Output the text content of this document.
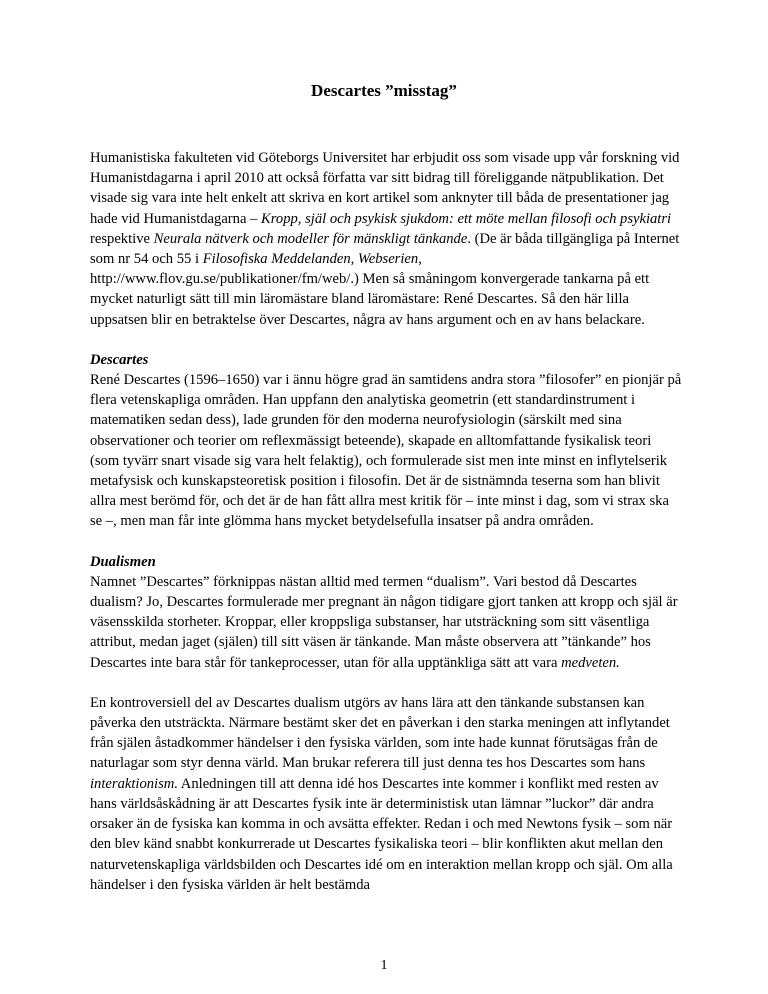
Descartes ”misstag”

Humanistiska fakulteten vid Göteborgs Universitet har erbjudit oss som visade upp vår forskning vid Humanistdagarna i april 2010 att också författa var sitt bidrag till föreliggande nätpublikation. Det visade sig vara inte helt enkelt att skriva en kort artikel som anknyter till båda de presentationer jag hade vid Humanistdagarna – Kropp, själ och psykisk sjukdom: ett möte mellan filosofi och psykiatri respektive Neurala nätverk och modeller för mänskligt tänkande. (De är båda tillgängliga på Internet som nr 54 och 55 i Filosofiska Meddelanden, Webserien, http://www.flov.gu.se/publikationer/fm/web/.) Men så småningom konvergerade tankarna på ett mycket naturligt sätt till min läromästare bland läromästare: René Descartes. Så den här lilla uppsatsen blir en betraktelse över Descartes, några av hans argument och en av hans belackare.

Descartes
René Descartes (1596–1650) var i ännu högre grad än samtidens andra stora ”filosofer” en pionjär på flera vetenskapliga områden. Han uppfann den analytiska geometrin (ett standardinstrument i matematiken sedan dess), lade grunden för den moderna neurofysiologin (särskilt med sina observationer och teorier om reflexmässigt beteende), skapade en alltomfattande fysikalisk teori (som tyvärr snart visade sig vara helt felaktig), och formulerade sist men inte minst en inflytelserik metafysisk och kunskapsteoretisk position i filosofin. Det är de sistnämnda teserna som han blivit allra mest berömd för, och det är de han fått allra mest kritik för – inte minst i dag, som vi strax ska se –, men man får inte glömma hans mycket betydelsefulla insatser på andra områden.

Dualismen
Namnet ”Descartes” förknippas nästan alltid med termen “dualism”. Vari bestod då Descartes dualism? Jo, Descartes formulerade mer pregnant än någon tidigare gjort tanken att kropp och själ är väsensskilda storheter. Kroppar, eller kroppsliga substanser, har utsträckning som sitt väsentliga attribut, medan jaget (själen) till sitt väsen är tänkande. Man måste observera att ”tänkande” hos Descartes inte bara står för tankeprocesser, utan för alla upptänkliga sätt att vara medveten.

En kontroversiell del av Descartes dualism utgörs av hans lära att den tänkande substansen kan påverka den utsträckta. Närmare bestämt sker det en påverkan i den starka meningen att inflytandet från själen åstadkommer händelser i den fysiska världen, som inte hade kunnat förutsägas från de naturlagar som styr denna värld. Man brukar referera till just denna tes hos Descartes som hans interaktionism. Anledningen till att denna idé hos Descartes inte kommer i konflikt med resten av hans världsåskådning är att Descartes fysik inte är deterministisk utan lämnar ”luckor” där andra orsaker än de fysiska kan komma in och avsätta effekter. Redan i och med Newtons fysik – som när den blev känd snabbt konkurrerade ut Descartes fysikaliska teori – blir konflikten akut mellan den naturvetenskapliga världsbilden och Descartes idé om en interaktion mellan kropp och själ. Om alla händelser i den fysiska världen är helt bestämda

1
